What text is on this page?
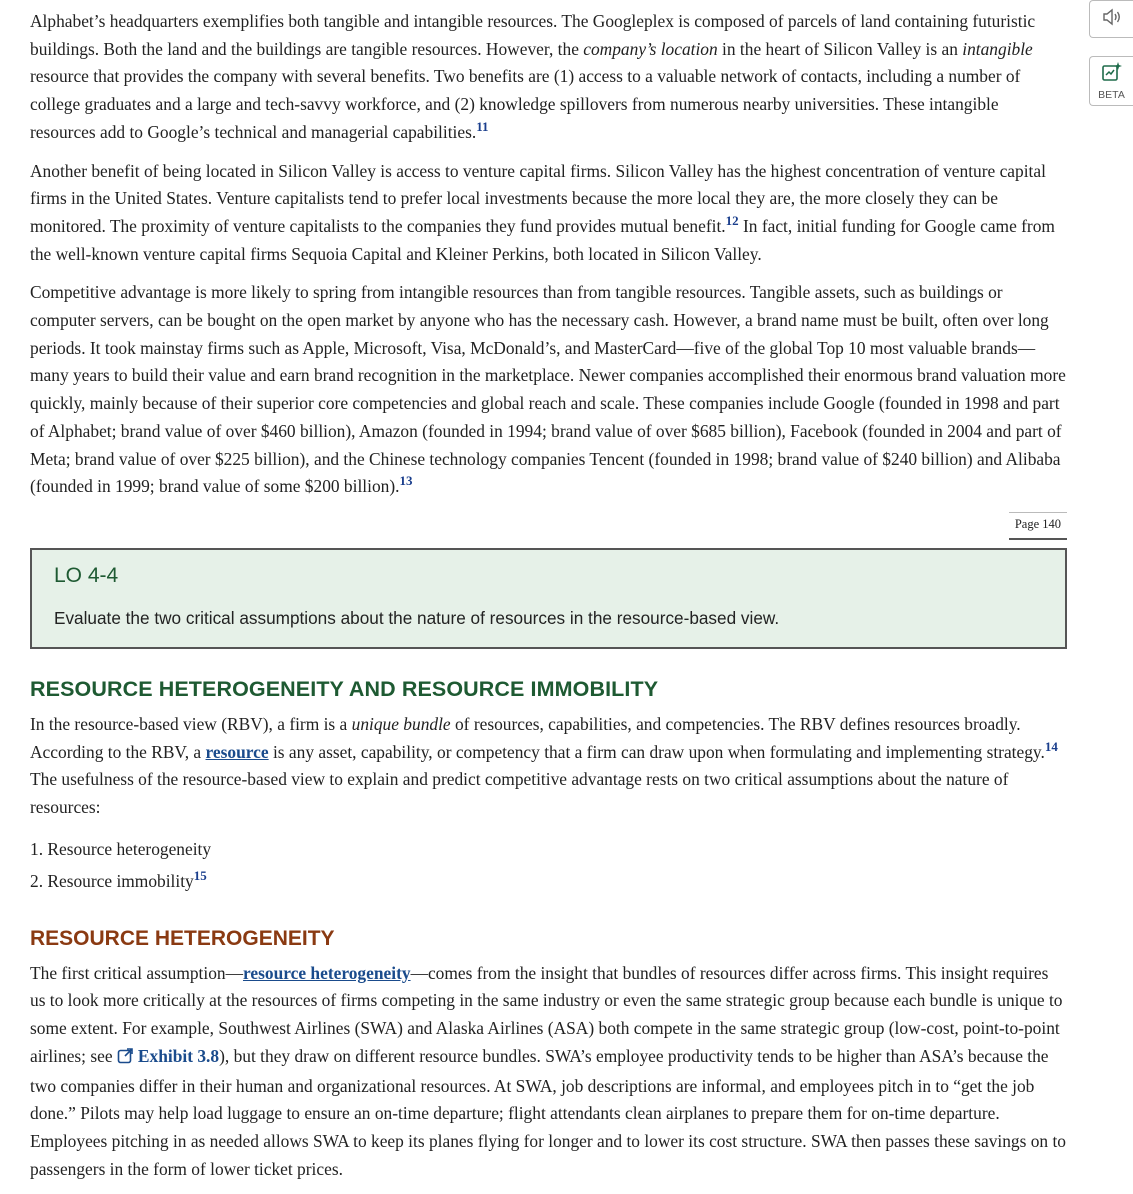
Alphabet’s headquarters exemplifies both tangible and intangible resources. The Googleplex is composed of parcels of land containing futuristic buildings. Both the land and the buildings are tangible resources. However, the company’s location in the heart of Silicon Valley is an intangible resource that provides the company with several benefits. Two benefits are (1) access to a valuable network of contacts, including a number of college graduates and a large and tech-savvy workforce, and (2) knowledge spillovers from numerous nearby universities. These intangible resources add to Google’s technical and managerial capabilities.$^{11}$

Another benefit of being located in Silicon Valley is access to venture capital firms. Silicon Valley has the highest concentration of venture capital firms in the United States. Venture capitalists tend to prefer local investments because the more local they are, the more closely they can be monitored. The proximity of venture capitalists to the companies they fund provides mutual benefit.$^{12}$ In fact, initial funding for Google came from the well-known venture capital firms Sequoia Capital and Kleiner Perkins, both located in Silicon Valley.

Competitive advantage is more likely to spring from intangible resources than from tangible resources. Tangible assets, such as buildings or computer servers, can be bought on the open market by anyone who has the necessary cash. However, a brand name must be built, often over long periods. It took mainstay firms such as Apple, Microsoft, Visa, McDonald’s, and MasterCard—five of the global Top 10 most valuable brands—many years to build their value and earn brand recognition in the marketplace. Newer companies accomplished their enormous brand valuation more quickly, mainly because of their superior core competencies and global reach and scale. These companies include Google (founded in 1998 and part of Alphabet; brand value of over $460 billion), Amazon (founded in 1994; brand value of over $685 billion), Facebook (founded in 2004 and part of Meta; brand value of over $225 billion), and the Chinese technology companies Tencent (founded in 1998; brand value of $240 billion) and Alibaba (founded in 1999; brand value of some $200 billion).$^{13}$

Page 140
LO 4-4

Evaluate the two critical assumptions about the nature of resources in the resource-based view.

RESOURCE HETEROGENEITY AND RESOURCE IMMOBILITY

In the resource-based view (RBV), a firm is a unique bundle of resources, capabilities, and competencies. The RBV defines resources broadly. According to the RBV, a resource is any asset, capability, or competency that a firm can draw upon when formulating and implementing strategy.$^{14}$ The usefulness of the resource-based view to explain and predict competitive advantage rests on two critical assumptions about the nature of resources:

1. Resource heterogeneity
2. Resource immobility$^{15}$
RESOURCE HETEROGENEITY

The first critical assumption—resource heterogeneity—comes from the insight that bundles of resources differ across firms. This insight requires us to look more critically at the resources of firms competing in the same industry or even the same strategic group because each bundle is unique to some extent. For example, Southwest Airlines (SWA) and Alaska Airlines (ASA) both compete in the same strategic group (low-cost, point-to-point airlines; see Exhibit 3.8), but they draw on different resource bundles. SWA’s employee productivity tends to be higher than ASA’s because the two companies differ in their human and organizational resources. At SWA, job descriptions are informal, and employees pitch in to “get the job done.” Pilots may help load luggage to ensure an on-time departure; flight attendants clean airplanes to prepare them for on-time departure. Employees pitching in as needed allows SWA to keep its planes flying for longer and to lower its cost structure. SWA then passes these savings on to passengers in the form of lower ticket prices.

BETA
